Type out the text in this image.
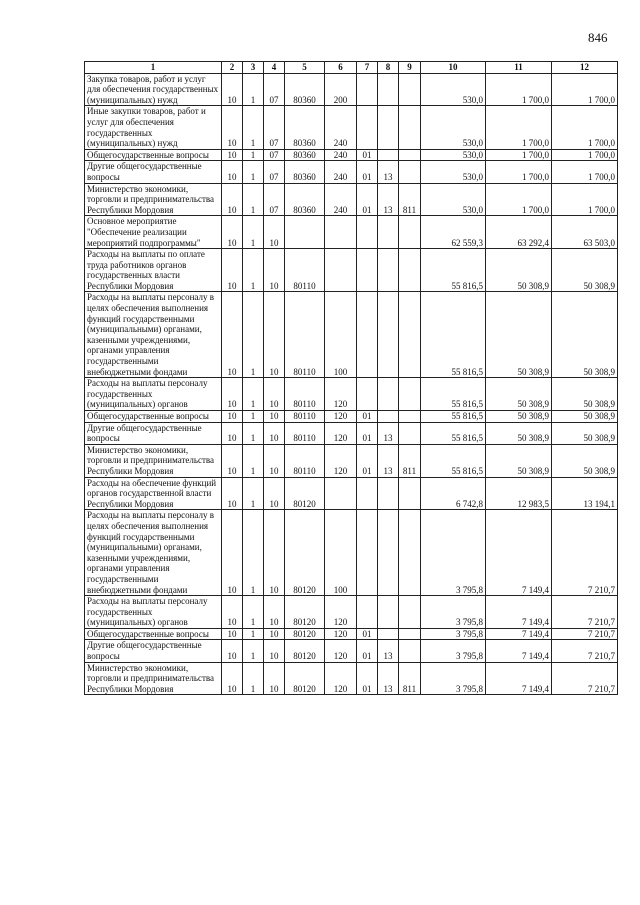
846
1	2	3	4	5	6	7	8	9	10	11	12
Закупка товаров, работ и услуг для обеспечения государственных (муниципальных) нужд	10	1	07	80360	200				530,0	1 700,0	1 700,0
Иные закупки товаров, работ и услуг для обеспечения государственных (муниципальных) нужд	10	1	07	80360	240				530,0	1 700,0	1 700,0
Общегосударственные вопросы	10	1	07	80360	240	01			530,0	1 700,0	1 700,0
Другие общегосударственные вопросы	10	1	07	80360	240	01	13		530,0	1 700,0	1 700,0
Министерство экономики, торговли и предпринимательства Республики Мордовия	10	1	07	80360	240	01	13	811	530,0	1 700,0	1 700,0
Основное мероприятие "Обеспечение реализации мероприятий подпрограммы"	10	1	10						62 559,3	63 292,4	63 503,0
Расходы на выплаты по оплате труда работников органов государственных власти Республики Мордовия	10	1	10	80110					55 816,5	50 308,9	50 308,9
Расходы на выплаты персоналу в целях обеспечения выполнения функций государственными (муниципальными) органами, казенными учреждениями, органами управления государственными внебюджетными фондами	10	1	10	80110	100				55 816,5	50 308,9	50 308,9
Расходы на выплаты персоналу государственных (муниципальных) органов	10	1	10	80110	120				55 816,5	50 308,9	50 308,9
Общегосударственные вопросы	10	1	10	80110	120	01			55 816,5	50 308,9	50 308,9
Другие общегосударственные вопросы	10	1	10	80110	120	01	13		55 816,5	50 308,9	50 308,9
Министерство экономики, торговли и предпринимательства Республики Мордовия	10	1	10	80110	120	01	13	811	55 816,5	50 308,9	50 308,9
Расходы на обеспечение функций органов государственной власти Республики Мордовия	10	1	10	80120					6 742,8	12 983,5	13 194,1
Расходы на выплаты персоналу в целях обеспечения выполнения функций государственными (муниципальными) органами, казенными учреждениями, органами управления государственными внебюджетными фондами	10	1	10	80120	100				3 795,8	7 149,4	7 210,7
Расходы на выплаты персоналу государственных (муниципальных) органов	10	1	10	80120	120				3 795,8	7 149,4	7 210,7
Общегосударственные вопросы	10	1	10	80120	120	01			3 795,8	7 149,4	7 210,7
Другие общегосударственные вопросы	10	1	10	80120	120	01	13		3 795,8	7 149,4	7 210,7
Министерство экономики, торговли и предпринимательства Республики Мордовия	10	1	10	80120	120	01	13	811	3 795,8	7 149,4	7 210,7
